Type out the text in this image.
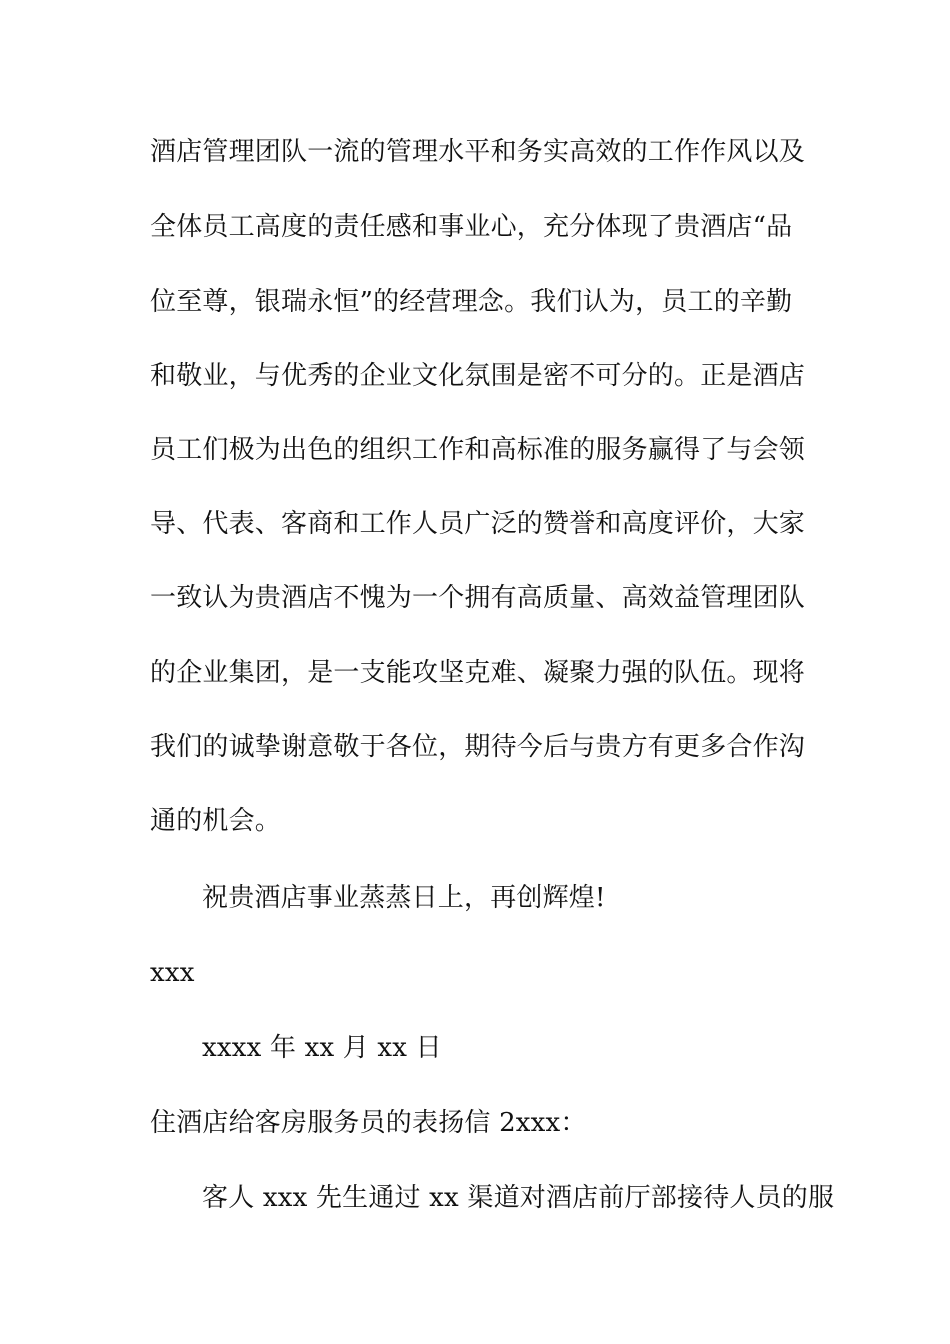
酒店管理团队一流的管理水平和务实高效的工作作风以及
全体员工高度的责任感和事业心，充分体现了贵酒店“品
位至尊，银瑞永恒”的经营理念。我们认为，员工的辛勤
和敬业，与优秀的企业文化氛围是密不可分的。正是酒店
员工们极为出色的组织工作和高标准的服务赢得了与会领
导、代表、客商和工作人员广泛的赞誉和高度评价，大家
一致认为贵酒店不愧为一个拥有高质量、高效益管理团队
的企业集团，是一支能攻坚克难、凝聚力强的队伍。现将
我们的诚挚谢意敬于各位，期待今后与贵方有更多合作沟
通的机会。
祝贵酒店事业蒸蒸日上，再创辉煌!
xxx
xxxx 年 xx 月 xx 日
住酒店给客房服务员的表扬信 2xxx：
客人 xxx 先生通过 xx 渠道对酒店前厅部接待人员的服
